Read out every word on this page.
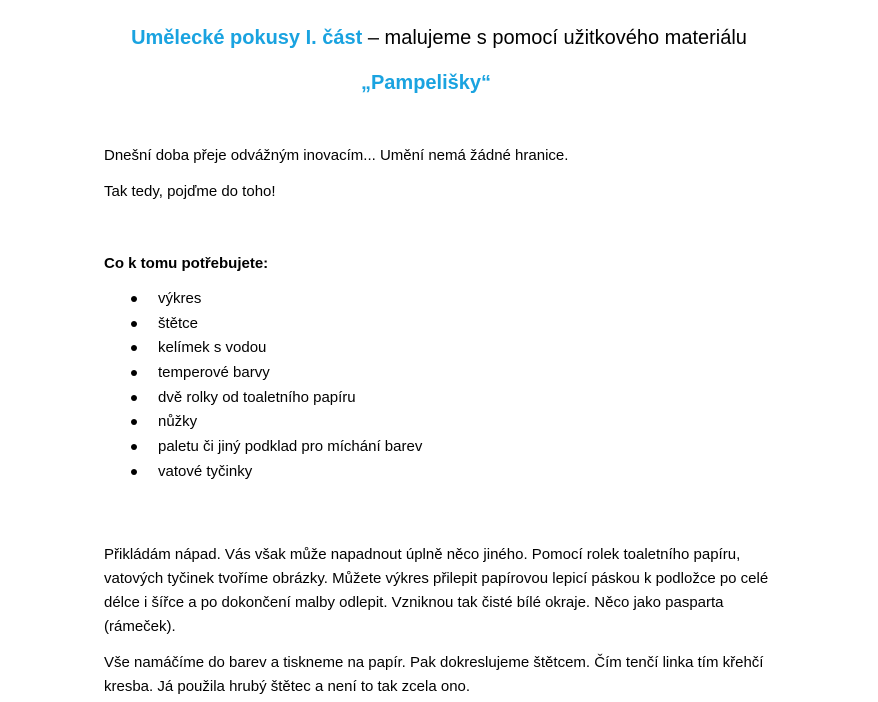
Umělecké pokusy I. část – malujeme s pomocí užitkového materiálu
„Pampelišky“

Dnešní doba přeje odvážným inovacím... Umění nemá žádné hranice.

Tak tedy, pojďme do toho!

Co k tomu potřebujete:

výkres
štětce
kelímek s vodou
temperové barvy
dvě rolky od toaletního papíru
nůžky
paletu či jiný podklad pro míchání barev
vatové tyčinky

Přikládám nápad. Vás však může napadnout úplně něco jiného. Pomocí rolek toaletního papíru, vatových tyčinek tvoříme obrázky. Můžete výkres přilepit papírovou lepicí páskou k podložce po celé délce i šířce a po dokončení malby odlepit. Vzniknou tak čisté bílé okraje. Něco jako pasparta (rámeček).

Vše namáčíme do barev a tiskneme na papír. Pak dokreslujeme štětcem. Čím tenčí linka tím křehčí kresba. Já použila hrubý štětec a není to tak zcela ono.
